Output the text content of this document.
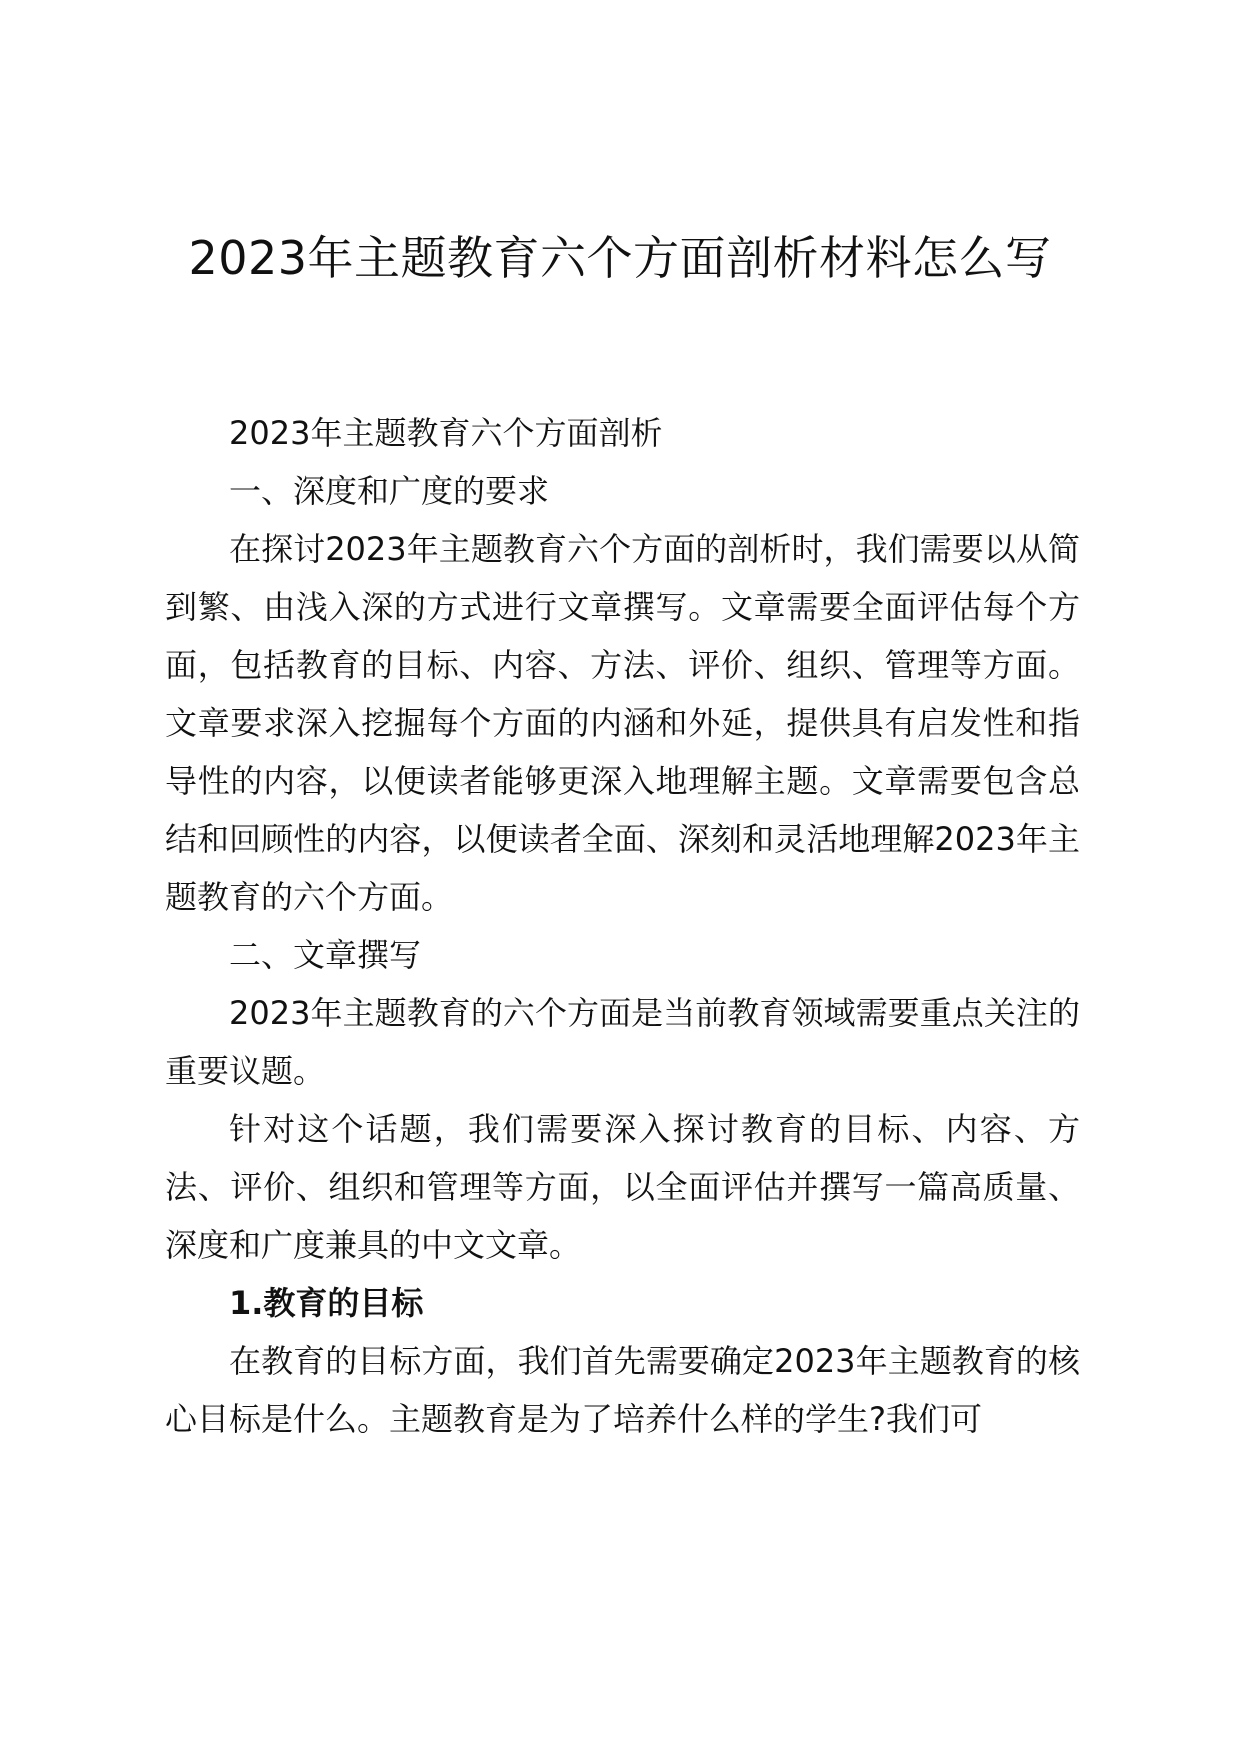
2023年主题教育六个方面剖析材料怎么写

2023年主题教育六个方面剖析

一、深度和广度的要求

在探讨2023年主题教育六个方面的剖析时，我们需要以从简到繁、由浅入深的方式进行文章撰写。文章需要全面评估每个方面，包括教育的目标、内容、方法、评价、组织、管理等方面。文章要求深入挖掘每个方面的内涵和外延，提供具有启发性和指导性的内容，以便读者能够更深入地理解主题。文章需要包含总结和回顾性的内容，以便读者全面、深刻和灵活地理解2023年主题教育的六个方面。

二、文章撰写

2023年主题教育的六个方面是当前教育领域需要重点关注的重要议题。

针对这个话题，我们需要深入探讨教育的目标、内容、方法、评价、组织和管理等方面，以全面评估并撰写一篇高质量、深度和广度兼具的中文文章。

1.教育的目标

在教育的目标方面，我们首先需要确定2023年主题教育的核心目标是什么。主题教育是为了培养什么样的学生?我们可
